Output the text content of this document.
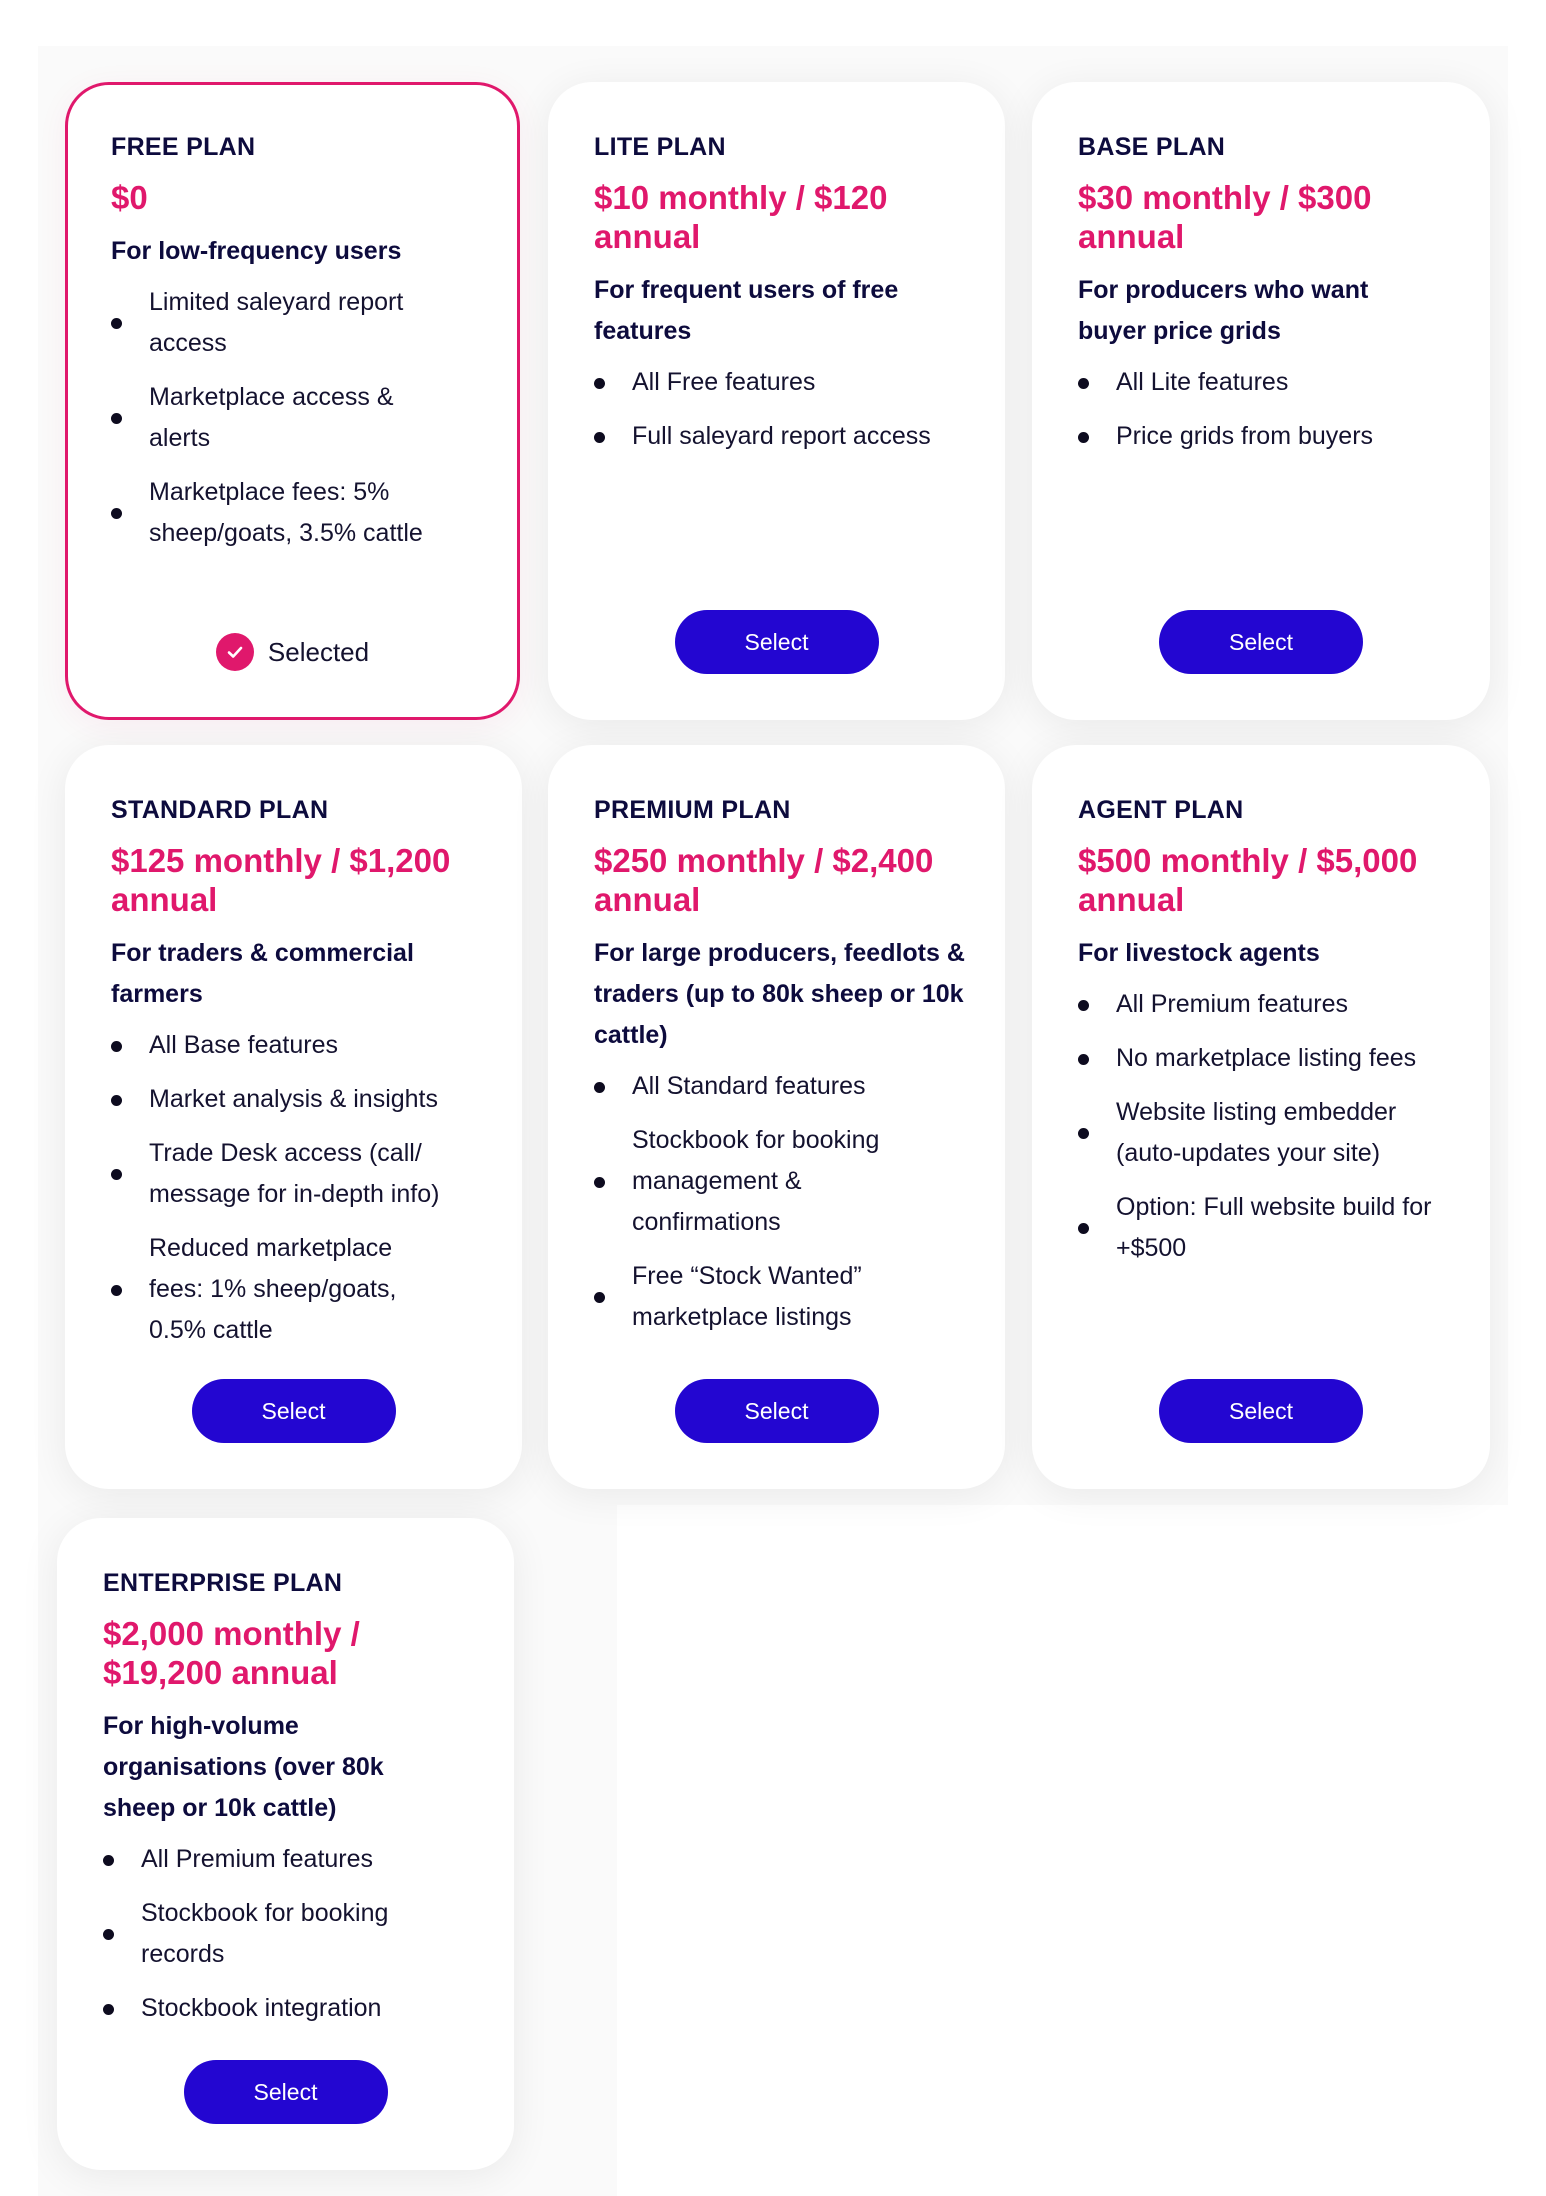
FREE PLAN
$0
For low-frequency users
Limited saleyard report access
Marketplace access & alerts
Marketplace fees: 5% sheep/goats, 3.5% cattle
Selected
LITE PLAN
$10 monthly / $120 annual
For frequent users of free features
All Free features
Full saleyard report access
Select
BASE PLAN
$30 monthly / $300 annual
For producers who want buyer price grids
All Lite features
Price grids from buyers
Select
STANDARD PLAN
$125 monthly / $1,200 annual
For traders & commercial farmers
All Base features
Market analysis & insights
Trade Desk access (call/ message for in-depth info)
Reduced marketplace fees: 1% sheep/goats, 0.5% cattle
Select
PREMIUM PLAN
$250 monthly / $2,400 annual
For large producers, feedlots & traders (up to 80k sheep or 10k cattle)
All Standard features
Stockbook for booking management & confirmations
Free “Stock Wanted” marketplace listings
Select
AGENT PLAN
$500 monthly / $5,000 annual
For livestock agents
All Premium features
No marketplace listing fees
Website listing embedder (auto-updates your site)
Option: Full website build for +$500
Select
ENTERPRISE PLAN
$2,000 monthly / $19,200 annual
For high-volume organisations (over 80k sheep or 10k cattle)
All Premium features
Stockbook for booking records
Stockbook integration
Select
